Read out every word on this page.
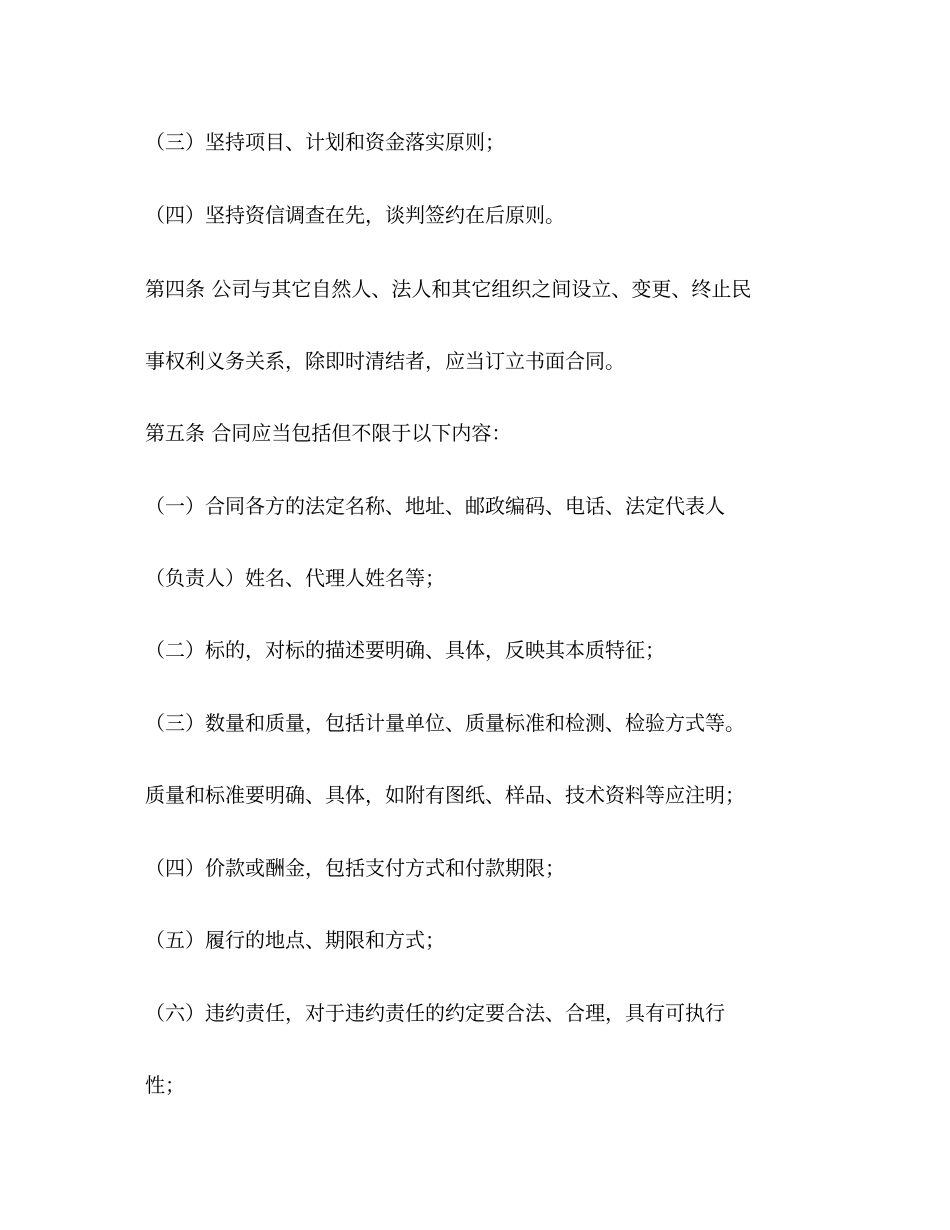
（三）坚持项目、计划和资金落实原则；
（四）坚持资信调查在先，谈判签约在后原则。
第四条 公司与其它自然人、法人和其它组织之间设立、变更、终止民
事权利义务关系，除即时清结者，应当订立书面合同。
第五条 合同应当包括但不限于以下内容：
（一）合同各方的法定名称、地址、邮政编码、电话、法定代表人
（负责人）姓名、代理人姓名等；
（二）标的，对标的描述要明确、具体，反映其本质特征；
（三）数量和质量，包括计量单位、质量标准和检测、检验方式等。
质量和标准要明确、具体，如附有图纸、样品、技术资料等应注明；
（四）价款或酬金，包括支付方式和付款期限；
（五）履行的地点、期限和方式；
（六）违约责任，对于违约责任的约定要合法、合理，具有可执行
性；
